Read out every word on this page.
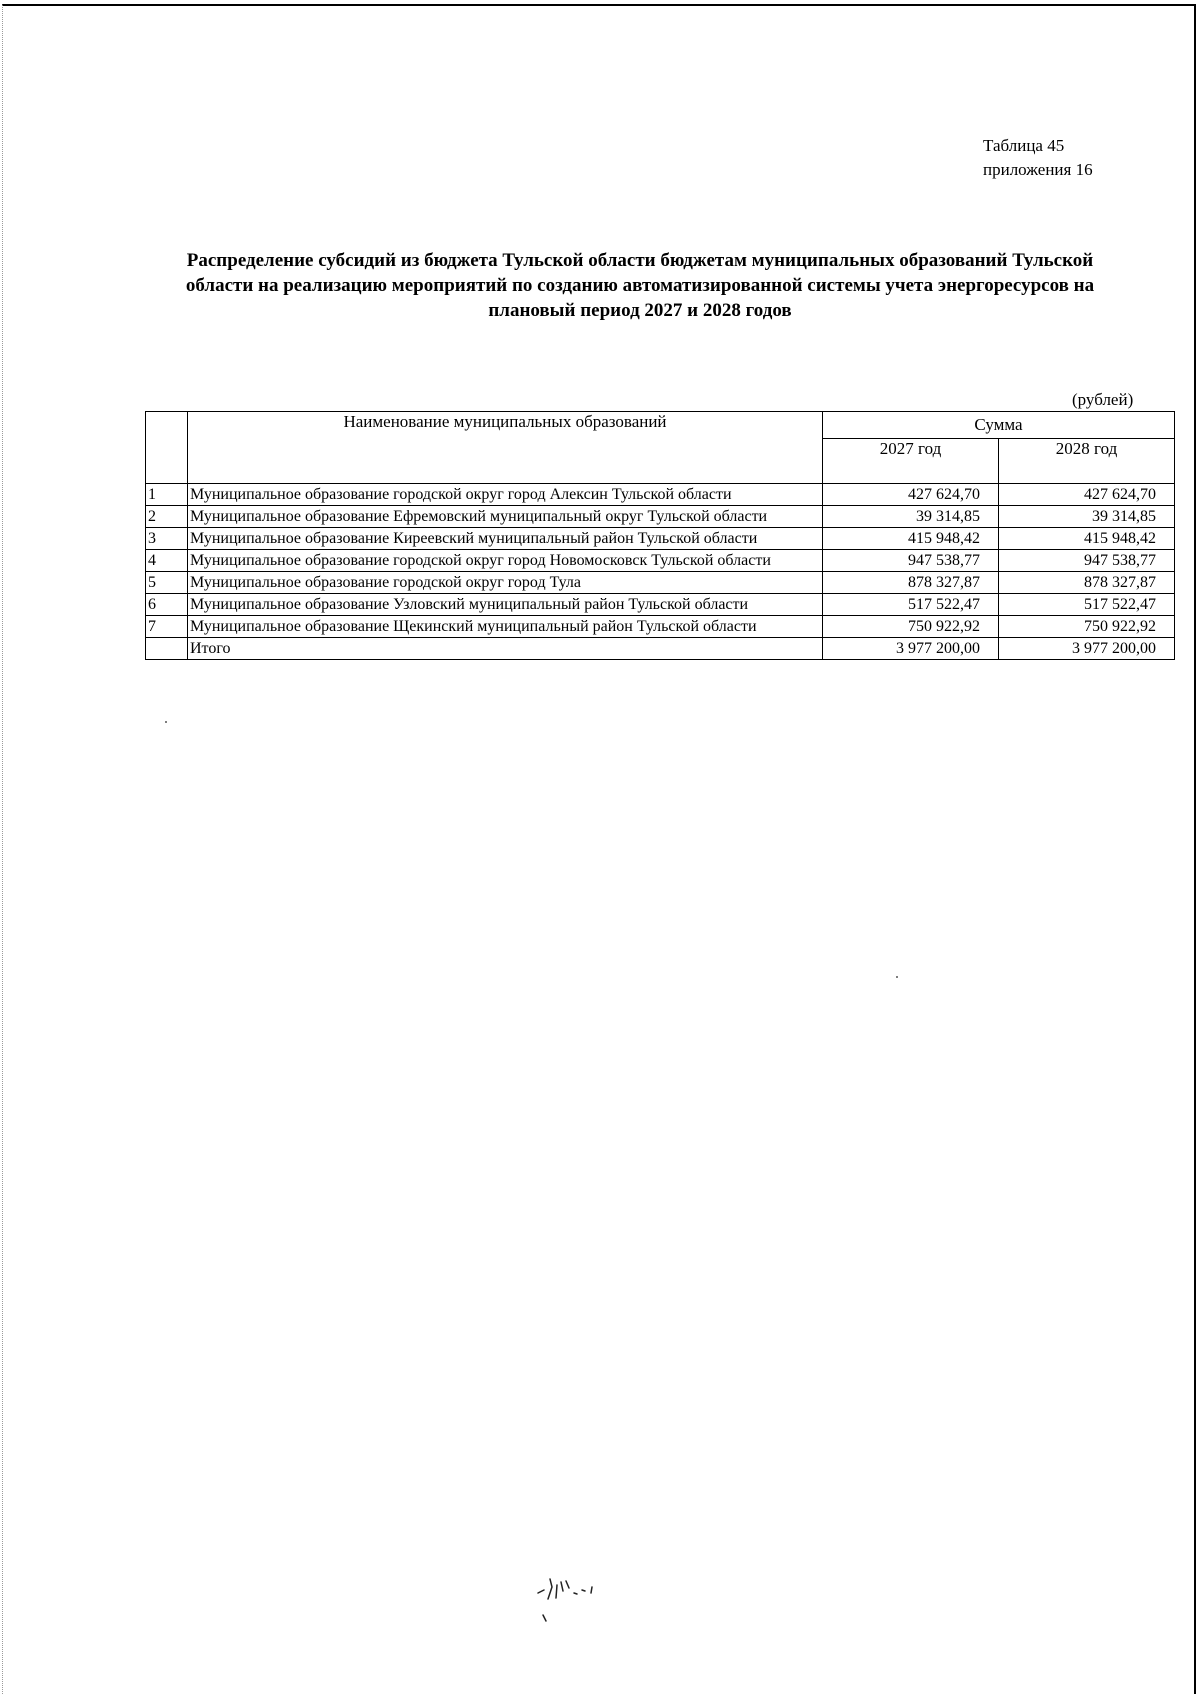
Таблица 45
приложения 16
Распределение субсидий из бюджета Тульской области бюджетам муниципальных образований Тульской
области на реализацию мероприятий по созданию автоматизированной системы учета энергоресурсов на
плановый период 2027 и 2028 годов
(рублей)
	Наименование муниципальных образований	Сумма	
		2027 год	2028 год
1	Муниципальное образование городской округ город Алексин Тульской области	427 624,70	427 624,70
2	Муниципальное образование Ефремовский муниципальный округ Тульской области	39 314,85	39 314,85
3	Муниципальное образование Киреевский муниципальный район Тульской области	415 948,42	415 948,42
4	Муниципальное образование городской округ город Новомосковск Тульской области	947 538,77	947 538,77
5	Муниципальное образование городской округ город Тула	878 327,87	878 327,87
6	Муниципальное образование Узловский муниципальный район Тульской области	517 522,47	517 522,47
7	Муниципальное образование Щекинский муниципальный район Тульской области	750 922,92	750 922,92
	Итого	3 977 200,00	3 977 200,00
